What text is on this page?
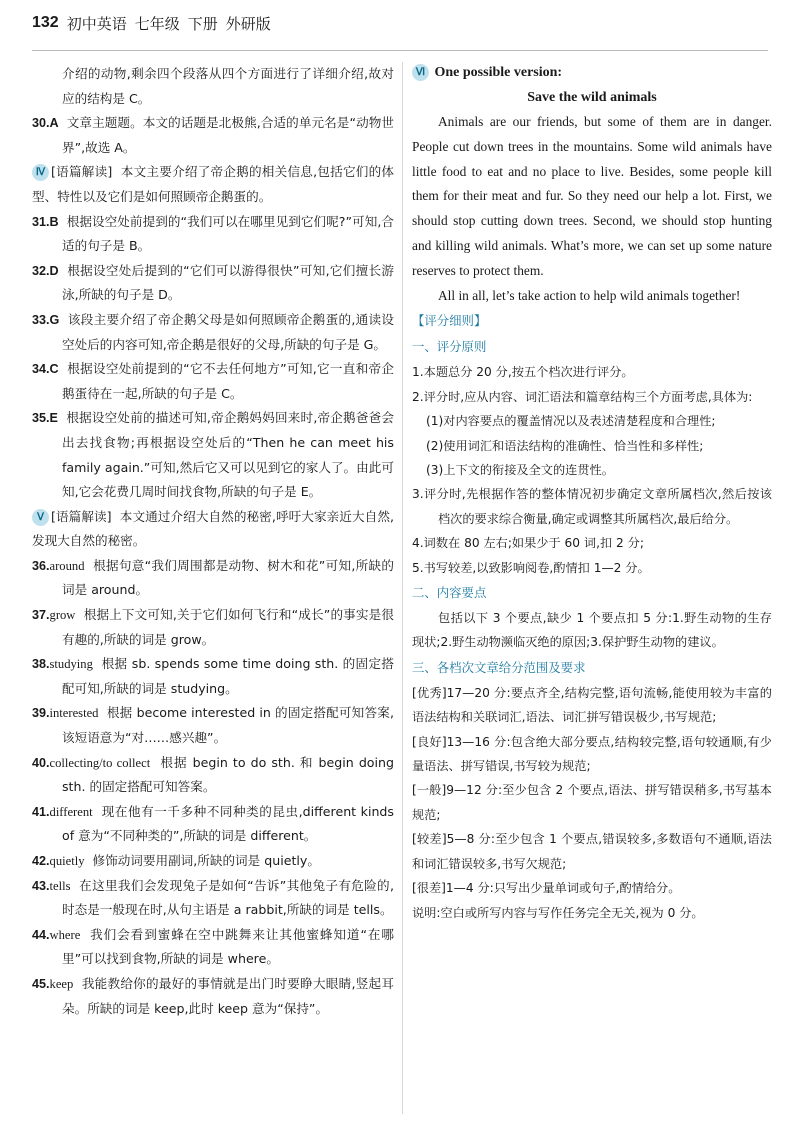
132 初中英语 七年级 下册 外研版

介绍的动物,剩余四个段落从四个方面进行了详细介绍,故对应的结构是 C。

30.A 文章主题题。本文的话题是北极熊,合适的单元名是“动物世界”,故选 A。

Ⅳ [语篇解读] 本文主要介绍了帝企鹅的相关信息,包括它们的体型、特性以及它们是如何照顾帝企鹅蛋的。

31.B 根据设空处前提到的“我们可以在哪里见到它们呢?”可知,合适的句子是 B。

32.D 根据设空处后提到的“它们可以游得很快”可知,它们擅长游泳,所缺的句子是 D。

33.G 该段主要介绍了帝企鹅父母是如何照顾帝企鹅蛋的,通读设空处后的内容可知,帝企鹅是很好的父母,所缺的句子是 G。

34.C 根据设空处前提到的“它不去任何地方”可知,它一直和帝企鹅蛋待在一起,所缺的句子是 C。

35.E 根据设空处前的描述可知,帝企鹅妈妈回来时,帝企鹅爸爸会出去找食物;再根据设空处后的“Then he can meet his family again.”可知,然后它又可以见到它的家人了。由此可知,它会花费几周时间找食物,所缺的句子是 E。

Ⅴ [语篇解读] 本文通过介绍大自然的秘密,呼吁大家亲近大自然,发现大自然的秘密。

36.around 根据句意“我们周围都是动物、树木和花”可知,所缺的词是 around。

37.grow 根据上下文可知,关于它们如何飞行和“成长”的事实是很有趣的,所缺的词是 grow。

38.studying 根据 sb. spends some time doing sth. 的固定搭配可知,所缺的词是 studying。

39.interested 根据 become interested in 的固定搭配可知答案,该短语意为“对……感兴趣”。

40.collecting/to collect 根据 begin to do sth. 和 begin doing sth. 的固定搭配可知答案。

41.different 现在他有一千多种不同种类的昆虫,different kinds of 意为“不同种类的”,所缺的词是 different。

42.quietly 修饰动词要用副词,所缺的词是 quietly。

43.tells 在这里我们会发现兔子是如何“告诉”其他兔子有危险的,时态是一般现在时,从句主语是 a rabbit,所缺的词是 tells。

44.where 我们会看到蜜蜂在空中跳舞来让其他蜜蜂知道“在哪里”可以找到食物,所缺的词是 where。

45.keep 我能教给你的最好的事情就是出门时要睁大眼睛,竖起耳朵。所缺的词是 keep,此时 keep 意为“保持”。

Ⅵ One possible version:
Save the wild animals

Animals are our friends, but some of them are in danger. People cut down trees in the mountains. Some wild animals have little food to eat and no place to live. Besides, some people kill them for their meat and fur. So they need our help a lot. First, we should stop cutting down trees. Second, we should stop hunting and killing wild animals. What’s more, we can set up some nature reserves to protect them.

All in all, let’s take action to help wild animals together!

【评分细则】

一、评分原则

1.本题总分 20 分,按五个档次进行评分。

2.评分时,应从内容、词汇语法和篇章结构三个方面考虑,具体为:

(1)对内容要点的覆盖情况以及表述清楚程度和合理性;

(2)使用词汇和语法结构的准确性、恰当性和多样性;

(3)上下文的衔接及全文的连贯性。

3.评分时,先根据作答的整体情况初步确定文章所属档次,然后按该档次的要求综合衡量,确定或调整其所属档次,最后给分。

4.词数在 80 左右;如果少于 60 词,扣 2 分;

5.书写较差,以致影响阅卷,酌情扣 1—2 分。

二、内容要点

包括以下 3 个要点,缺少 1 个要点扣 5 分:1.野生动物的生存现状;2.野生动物濒临灭绝的原因;3.保护野生动物的建议。

三、各档次文章给分范围及要求

[优秀]17—20 分:要点齐全,结构完整,语句流畅,能使用较为丰富的语法结构和关联词汇,语法、词汇拼写错误极少,书写规范;

[良好]13—16 分:包含绝大部分要点,结构较完整,语句较通顺,有少量语法、拼写错误,书写较为规范;

[一般]9—12 分:至少包含 2 个要点,语法、拼写错误稍多,书写基本规范;

[较差]5—8 分:至少包含 1 个要点,错误较多,多数语句不通顺,语法和词汇错误较多,书写欠规范;

[很差]1—4 分:只写出少量单词或句子,酌情给分。

说明:空白或所写内容与写作任务完全无关,视为 0 分。
